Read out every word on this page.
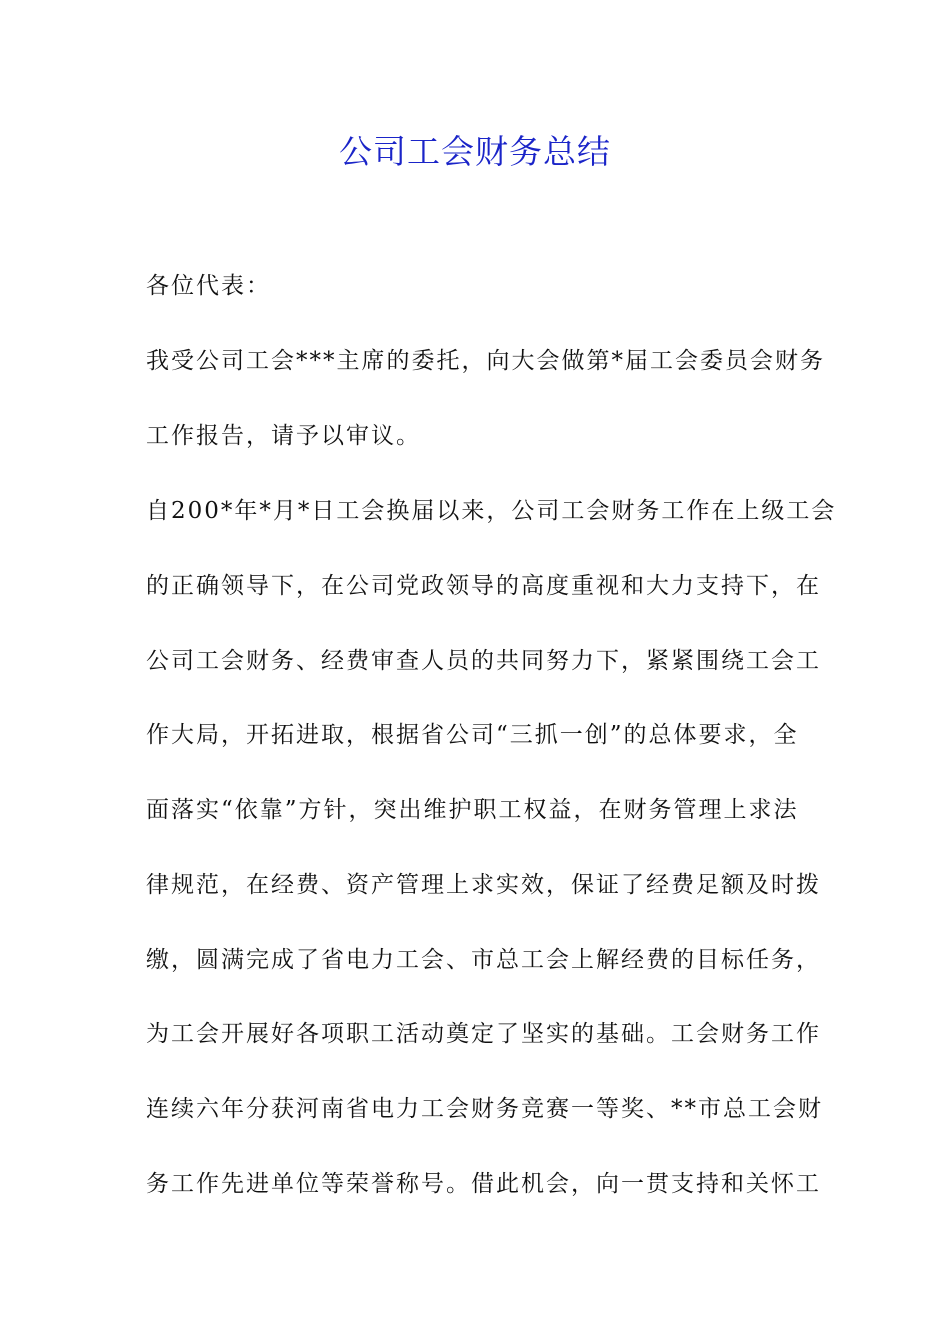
公司工会财务总结
各位代表：
我受公司工会***主席的委托，向大会做第*届工会委员会财务
工作报告，请予以审议。
自200*年*月*日工会换届以来，公司工会财务工作在上级工会
的正确领导下，在公司党政领导的高度重视和大力支持下，在
公司工会财务、经费审查人员的共同努力下，紧紧围绕工会工
作大局，开拓进取，根据省公司“三抓一创”的总体要求，全
面落实“依靠”方针，突出维护职工权益，在财务管理上求法
律规范，在经费、资产管理上求实效，保证了经费足额及时拨
缴，圆满完成了省电力工会、市总工会上解经费的目标任务，
为工会开展好各项职工活动奠定了坚实的基础。工会财务工作
连续六年分获河南省电力工会财务竞赛一等奖、**市总工会财
务工作先进单位等荣誉称号。借此机会，向一贯支持和关怀工
